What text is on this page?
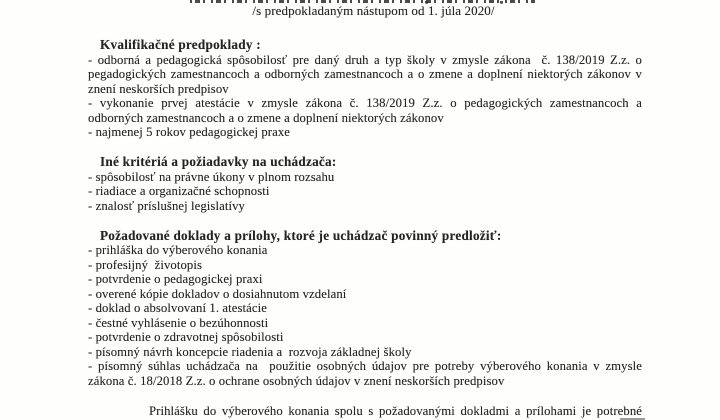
/s predpokladaným nástupom od 1. júla 2020/
Kvalifikačné predpoklady :
- odborná a pedagogická spôsobilosť pre daný druh a typ školy v zmysle zákona  č. 138/2019 Z.z. o pegadogických zamestnancoch a odborných zamestnancoch a o zmene a doplnení niektorých zákonov v znení neskorších predpisov
- vykonanie prvej atestácie v zmysle zákona č. 138/2019 Z.z. o pedagogických zamestnancoch a odborných zamestnancoch a o zmene a doplnení niektorých zákonov
- najmenej 5 rokov pedagogickej praxe
Iné kritériá a požiadavky na uchádzača:
- spôsobilosť na právne úkony v plnom rozsahu
- riadiace a organizačné schopnosti
- znalosť príslušnej legislatívy
Požadované doklady a prílohy, ktoré je uchádzač povinný predložiť:
- prihláška do výberového konania
- profesijný  životopis
- potvrdenie o pedagogickej praxi
- overené kópie dokladov o dosiahnutom vzdelaní
- doklad o absolvovaní 1. atestácie
- čestné vyhlásenie o bezúhonnosti
- potvrdenie o zdravotnej spôsobilosti
- písomný návrh koncepcie riadenia a  rozvoja základnej školy
- písomný súhlas uchádzača na  použitie osobných údajov pre potreby výberového konania v zmysle zákona č. 18/2018 Z.z. o ochrane osobných údajov v znení neskorších predpisov
Prihlášku do výberového konania spolu s požadovanými dokladmi a prílohami je potrebné
